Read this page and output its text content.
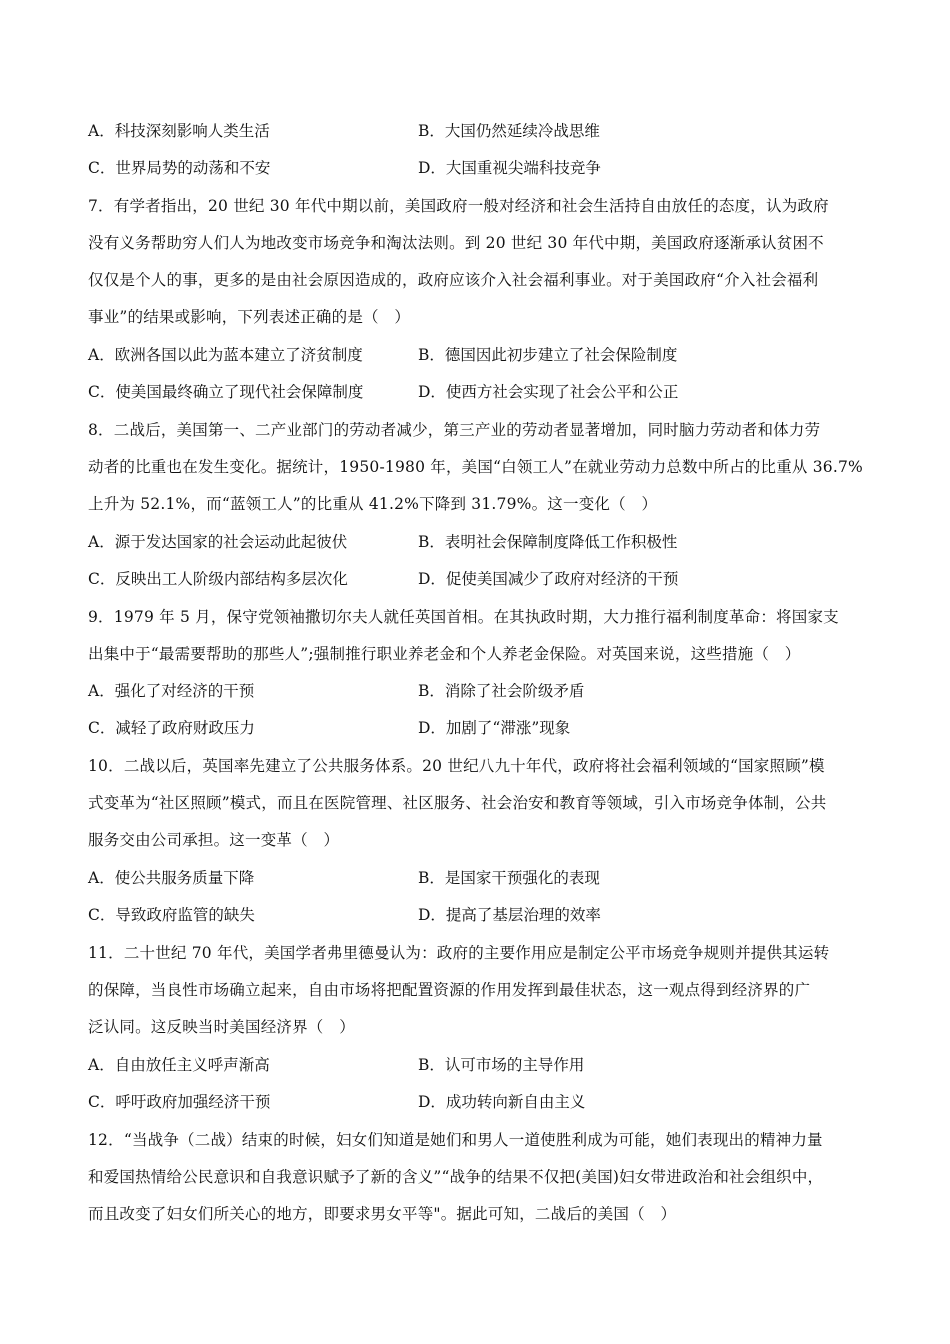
A．科技深刻影响人类生活	B．大国仍然延续冷战思维
C．世界局势的动荡和不安	D．大国重视尖端科技竞争
7．有学者指出，20 世纪 30 年代中期以前，美国政府一般对经济和社会生活持自由放任的态度，认为政府
没有义务帮助穷人们人为地改变市场竞争和淘汰法则。到 20 世纪 30 年代中期，美国政府逐渐承认贫困不
仅仅是个人的事，更多的是由社会原因造成的，政府应该介入社会福利事业。对于美国政府“介入社会福利
事业”的结果或影响，下列表述正确的是（　）
A．欧洲各国以此为蓝本建立了济贫制度	B．德国因此初步建立了社会保险制度
C．使美国最终确立了现代社会保障制度	D．使西方社会实现了社会公平和公正
8．二战后，美国第一、二产业部门的劳动者减少，第三产业的劳动者显著增加，同时脑力劳动者和体力劳
动者的比重也在发生变化。据统计，1950-1980 年，美国“白领工人”在就业劳动力总数中所占的比重从 36.7%
上升为 52.1%，而“蓝领工人”的比重从 41.2%下降到 31.79%。这一变化（　）
A．源于发达国家的社会运动此起彼伏	B．表明社会保障制度降低工作积极性
C．反映出工人阶级内部结构多层次化	D．促使美国减少了政府对经济的干预
9．1979 年 5 月，保守党领袖撒切尔夫人就任英国首相。在其执政时期，大力推行福利制度革命：将国家支
出集中于“最需要帮助的那些人”;强制推行职业养老金和个人养老金保险。对英国来说，这些措施（　）
A．强化了对经济的干预	B．消除了社会阶级矛盾
C．减轻了政府财政压力	D．加剧了“滞涨”现象
10．二战以后，英国率先建立了公共服务体系。20 世纪八九十年代，政府将社会福利领域的“国家照顾”模
式变革为“社区照顾”模式，而且在医院管理、社区服务、社会治安和教育等领域，引入市场竞争体制，公共
服务交由公司承担。这一变革（　）
A．使公共服务质量下降	B．是国家干预强化的表现
C．导致政府监管的缺失	D．提高了基层治理的效率
11．二十世纪 70 年代，美国学者弗里德曼认为：政府的主要作用应是制定公平市场竞争规则并提供其运转
的保障，当良性市场确立起来，自由市场将把配置资源的作用发挥到最佳状态，这一观点得到经济界的广
泛认同。这反映当时美国经济界（　）
A．自由放任主义呼声渐高	B．认可市场的主导作用
C．呼吁政府加强经济干预	D．成功转向新自由主义
12．“当战争（二战）结束的时候，妇女们知道是她们和男人一道使胜利成为可能，她们表现出的精神力量
和爱国热情给公民意识和自我意识赋予了新的含义”“战争的结果不仅把(美国)妇女带进政治和社会组织中，
而且改变了妇女们所关心的地方，即要求男女平等"。据此可知，二战后的美国（　）
